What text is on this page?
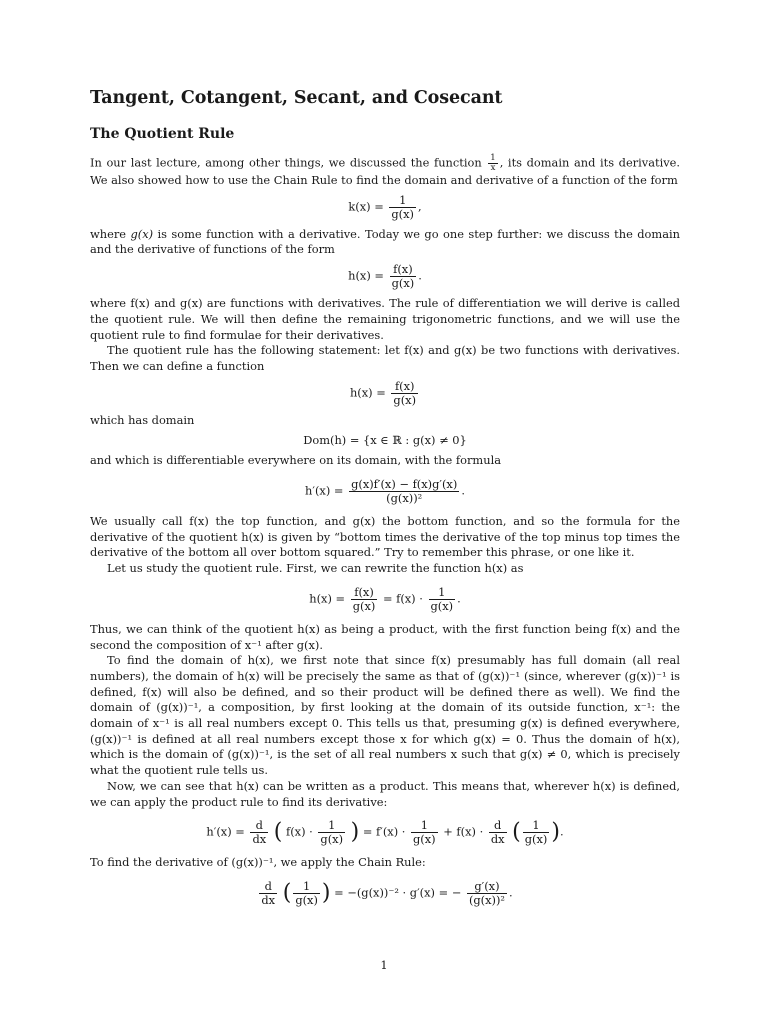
Tangent, Cotangent, Secant, and Cosecant
The Quotient Rule

In our last lecture, among other things, we discussed the function $\frac{1}{x}$ , its domain and its derivative. We also showed how to use the Chain Rule to find the domain and derivative of a function of the form

$k(x) = \frac{1}{g(x)}$ ,

where g(x) is some function with a derivative. Today we go one step further: we discuss the domain and the derivative of functions of the form

$h(x) = \frac{f(x)}{g(x)}$ .

where f(x) and g(x) are functions with derivatives. The rule of differentiation we will derive is called the quotient rule. We will then define the remaining trigonometric functions, and we will use the quotient rule to find formulae for their derivatives.

The quotient rule has the following statement: let f(x) and g(x) be two functions with derivatives. Then we can define a function

$h(x) = \frac{f(x)}{g(x)}$

which has domain

Dom(h) = {x ∈ ℝ : g(x) ≠ 0}

and which is differentiable everywhere on its domain, with the formula

$h'(x) = \frac{g(x)f'(x) - f(x)g'(x)}{\text{(g(x))²}}$ .

We usually call f(x) the top function, and g(x) the bottom function, and so the formula for the derivative of the quotient h(x) is given by “bottom times the derivative of the top minus top times the derivative of the bottom all over bottom squared.” Try to remember this phrase, or one like it.

Let us study the quotient rule. First, we can rewrite the function h(x) as

$h(x) = \frac{f(x)}{g(x)} = f(x) \cdot \frac{1}{g(x)}$ .

Thus, we can think of the quotient h(x) as being a product, with the first function being f(x) and the second the composition of x⁻¹ after g(x).

To find the domain of h(x), we first note that since f(x) presumably has full domain (all real numbers), the domain of h(x) will be precisely the same as that of (g(x))⁻¹ (since, wherever (g(x))⁻¹ is defined, f(x) will also be defined, and so their product will be defined there as well). We find the domain of (g(x))⁻¹, a composition, by first looking at the domain of its outside function, x⁻¹: the domain of x⁻¹ is all real numbers except 0. This tells us that, presuming g(x) is defined everywhere, (g(x))⁻¹ is defined at all real numbers except those x for which g(x) = 0. Thus the domain of h(x), which is the domain of (g(x))⁻¹, is the set of all real numbers x such that g(x) ≠ 0, which is precisely what the quotient rule tells us.

Now, we can see that h(x) can be written as a product. This means that, wherever h(x) is defined, we can apply the product rule to find its derivative:

$h'(x) = \frac{d}{dx}$ ( $f(x) \cdot \frac{1}{g(x)}$ ) = $f'(x) \cdot \frac{1}{g(x)} + f(x) \cdot \frac{d}{dx}$ ( $\frac{1}{g(x)}$ ).

To find the derivative of (g(x))⁻¹, we apply the Chain Rule:

$\frac{d}{dx}$ ( $\frac{1}{g(x)}$ ) = −(g(x))⁻² · g′(x) = − $\frac{g'(x)}{\text{(g(x))²}}$ .
1
